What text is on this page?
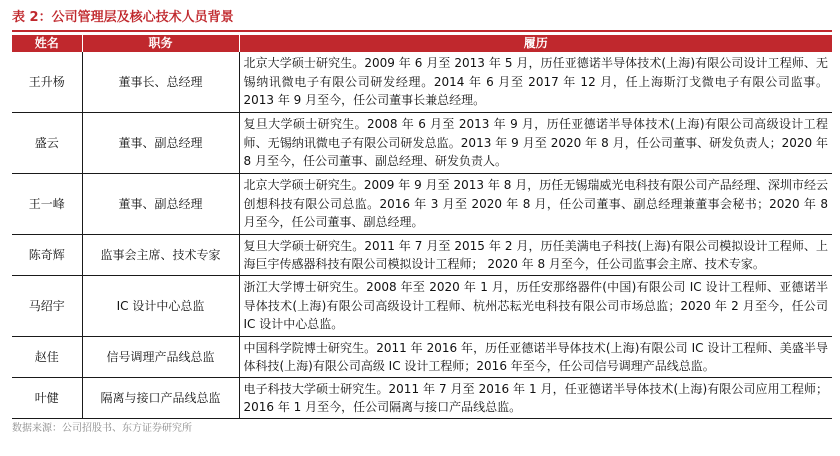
表 2：公司管理层及核心技术人员背景
姓名	职务	履历
王升杨	董事长、总经理	北京大学硕士研究生。2009 年 6 月至 2013 年 5 月，历任亚德诺半导体技术(上海)有限公司设计工程师、无锡纳讯微电子有限公司研发经理。2014 年 6 月至 2017 年 12 月，任上海斯汀戈微电子有限公司监事。2013 年 9 月至今，任公司董事长兼总经理。
盛云	董事、副总经理	复旦大学硕士研究生。2008 年 6 月至 2013 年 9 月，历任亚德诺半导体技术(上海)有限公司高级设计工程师、无锡纳讯微电子有限公司研发总监。2013 年 9 月至 2020 年 8 月，任公司董事、研发负责人；2020 年 8 月至今，任公司董事、副总经理、研发负责人。
王一峰	董事、副总经理	北京大学硕士研究生。2009 年 9 月至 2013 年 8 月，历任无锡瑞威光电科技有限公司产品经理、深圳市经云创想科技有限公司总监。2016 年 3 月至 2020 年 8 月，任公司董事、副总经理兼董事会秘书；2020 年 8 月至今，任公司董事、副总经理。
陈奇辉	监事会主席、技术专家	复旦大学硕士研究生。2011 年 7 月至 2015 年 2 月，历任美满电子科技(上海)有限公司模拟设计工程师、上海巨宇传感器科技有限公司模拟设计工程师； 2020 年 8 月至今，任公司监事会主席、技术专家。
马绍宇	IC 设计中心总监	浙江大学博士研究生。2008 年至 2020 年 1 月，历任安那络器件(中国)有限公司 IC 设计工程师、亚德诺半导体技术(上海)有限公司高级设计工程师、杭州芯耘光电科技有限公司市场总监；2020 年 2 月至今，任公司 IC 设计中心总监。
赵佳	信号调理产品线总监	中国科学院博士研究生。2011 年 2016 年，历任亚德诺半导体技术(上海)有限公司 IC 设计工程师、美盛半导体科技(上海)有限公司高级 IC 设计工程师；2016 年至今，任公司信号调理产品线总监。
叶健	隔离与接口产品线总监	电子科技大学硕士研究生。2011 年 7 月至 2016 年 1 月，任亚德诺半导体技术(上海)有限公司应用工程师；2016 年 1 月至今，任公司隔离与接口产品线总监。
数据来源：公司招股书、东方证券研究所
